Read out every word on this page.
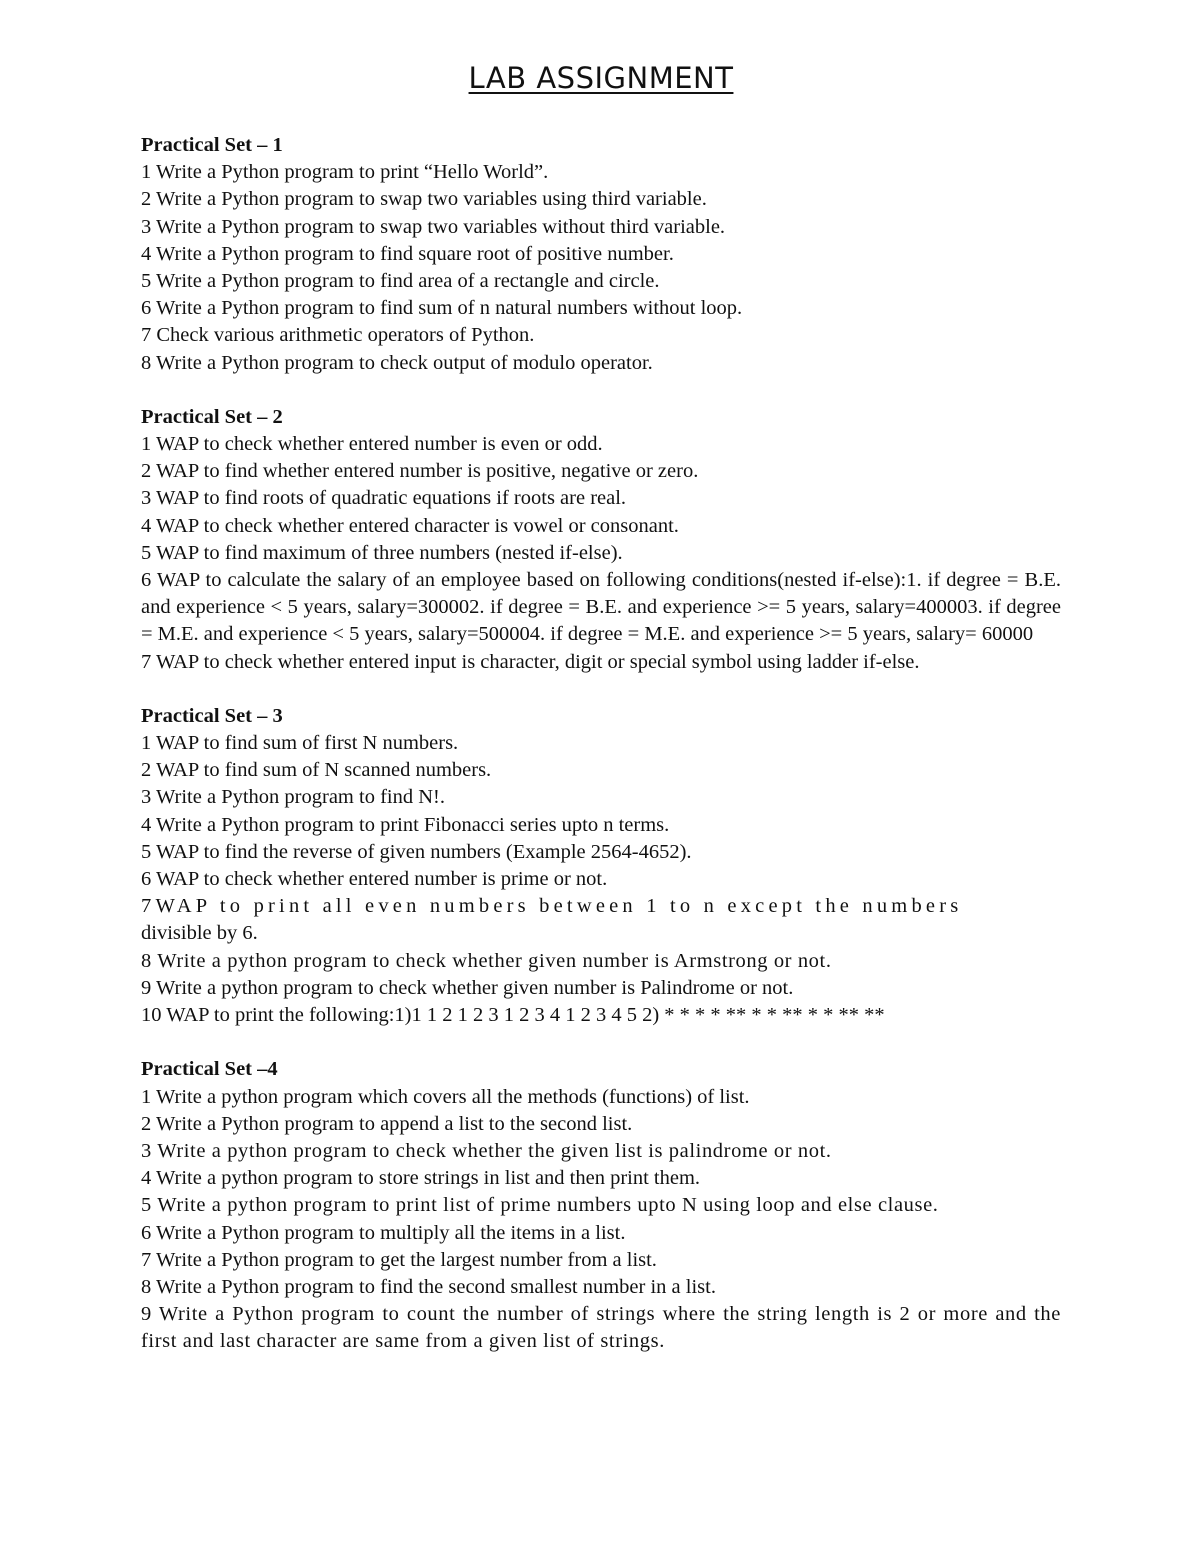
LAB ASSIGNMENT

Practical Set – 1

1 Write a Python program to print “Hello World”.

2 Write a Python program to swap two variables using third variable.

3 Write a Python program to swap two variables without third variable.

4 Write a Python program to find square root of positive number.

5 Write a Python program to find area of a rectangle and circle.

6 Write a Python program to find sum of n natural numbers without loop.

7 Check various arithmetic operators of Python.

8 Write a Python program to check output of modulo operator.

Practical Set – 2

1 WAP to check whether entered number is even or odd.

2 WAP to find whether entered number is positive, negative or zero.

3 WAP to find roots of quadratic equations if roots are real.

4 WAP to check whether entered character is vowel or consonant.

5 WAP to find maximum of three numbers (nested if-else).

6 WAP to calculate the salary of an employee based on following conditions(nested if-else):1. if degree = B.E. and experience < 5 years, salary=300002. if degree = B.E. and experience >= 5 years, salary=400003. if degree = M.E. and experience < 5 years, salary=500004. if degree = M.E. and experience >= 5 years, salary= 60000

7 WAP to check whether entered input is character, digit or special symbol using ladder if-else.

Practical Set – 3

1 WAP to find sum of first N numbers.

2 WAP to find sum of N scanned numbers.

3 Write a Python program to find N!.

4 Write a Python program to print Fibonacci series upto n terms.

5 WAP to find the reverse of given numbers (Example 2564-4652).

6 WAP to check whether entered number is prime or not.

7WAP to print all even numbers between 1 to n except the numbers

divisible by 6.

8 Write a python program to check whether given number is Armstrong or not.

9 Write a python program to check whether given number is Palindrome or not.

10 WAP to print the following:1)1 1 2 1 2 3 1 2 3 4 1 2 3 4 5 2) * * * * ** * * ** * * ** **

Practical Set –4

1 Write a python program which covers all the methods (functions) of list.

2 Write a Python program to append a list to the second list.

3 Write a python program to check whether the given list is palindrome or not.

4 Write a python program to store strings in list and then print them.

5 Write a python program to print list of prime numbers upto N using loop and else clause.

6 Write a Python program to multiply all the items in a list.

7 Write a Python program to get the largest number from a list.

8 Write a Python program to find the second smallest number in a list.

9 Write a Python program to count the number of strings where the string length is 2 or more and the first and last character are same from a given list of strings.
